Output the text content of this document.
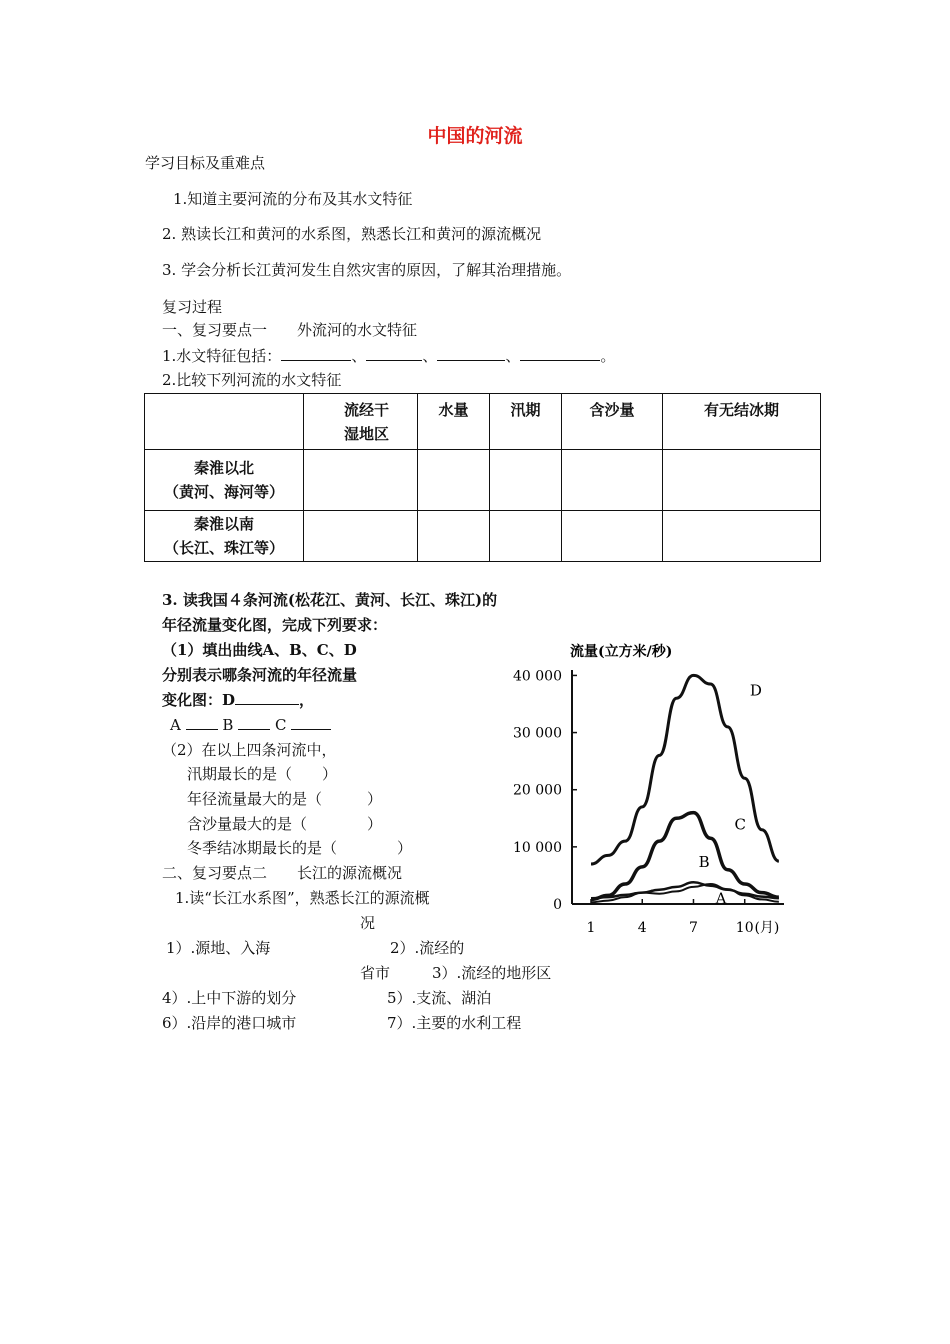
中国的河流
学习目标及重难点
1.知道主要河流的分布及其水文特征
2. 熟读长江和黄河的水系图，熟悉长江和黄河的源流概况
3. 学会分析长江黄河发生自然灾害的原因，了解其治理措施。
复习过程
一、复习要点一　　外流河的水文特征
1.水文特征包括：	、	、	、	。
2.比较下列河流的水文特征

	流经干
湿地区	水量	汛期	含沙量	有无结冰期

秦淮以北
（黄河、海河等）					

秦淮以南
（长江、珠江等）					

3. 读我国４条河流(松花江、黄河、长江、珠江)的
年径流量变化图，完成下列要求：
（1）填出曲线A、B、C、D
分别表示哪条河流的年径流量
变化图：D	，
A  B  C
（2）在以上四条河流中，
汛期最长的是（　　）
年径流量最大的是（　　　）
含沙量最大的是（　　　　）
冬季结冰期最长的是（　　　　）
二、复习要点二　　长江的源流概况
1.读“长江水系图”，熟悉长江的源流概
况
1）.源地、入海	2）.流经的
省市	3）.流经的地形区
4）.上中下游的划分	5）.支流、湖泊
6）.沿岸的港口城市	7）.主要的水利工程
流量(立方米/秒)
0
10 000
20 000
30 000
40 000
1	4	7	10 (月)
D
C
B
A
